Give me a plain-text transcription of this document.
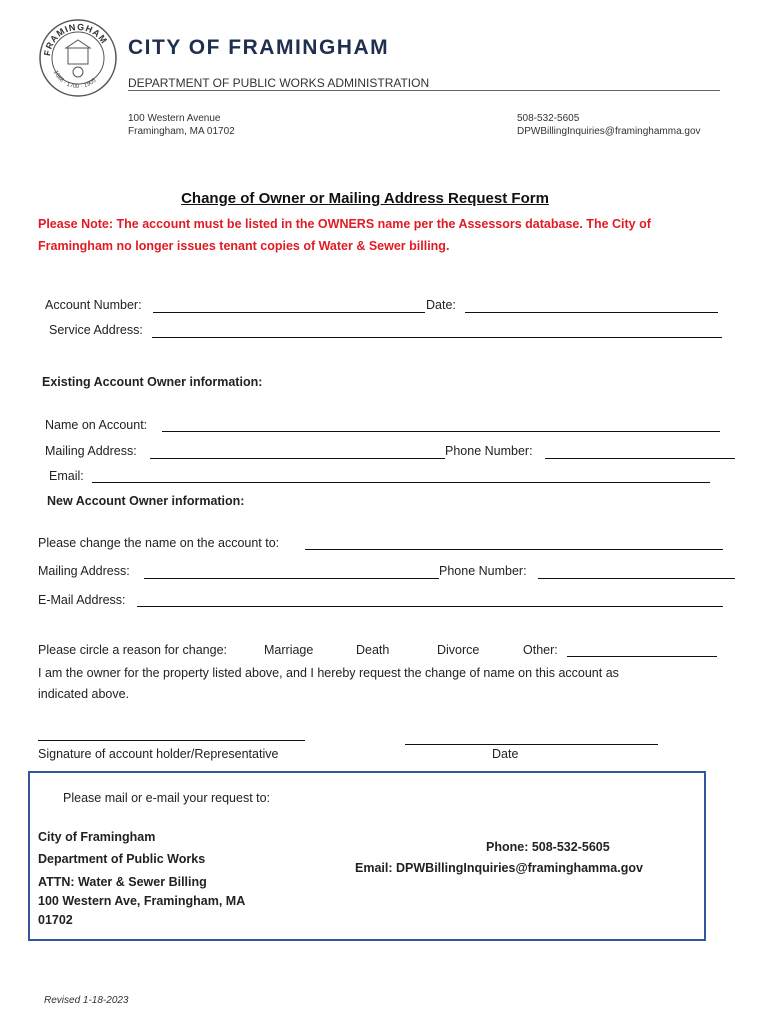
FRAMINGHAM
1688 · 1700 · 1905
CITY OF FRAMINGHAM
DEPARTMENT OF PUBLIC WORKS ADMINISTRATION
100 Western Avenue
Framingham, MA 01702
508-532-5605
DPWBillingInquiries@framinghamma.gov
Change of Owner or Mailing Address Request Form
Please Note: The account must be listed in the OWNERS name per the Assessors database. The City of
Framingham no longer issues tenant copies of Water & Sewer billing.
Account Number:	Date:
Service Address:
Existing Account Owner information:
Name on Account:
Mailing Address:	Phone Number:
Email:
New Account Owner information:
Please change the name on the account to:
Mailing Address:	Phone Number:
E-Mail Address:
Please circle a reason for change:	Marriage	Death	Divorce	Other:
I am the owner for the property listed above, and I hereby request the change of name on this account as
indicated above.
Signature of account holder/Representative	Date
Please mail or e-mail your request to:
City of Framingham
Department of Public Works
ATTN: Water & Sewer Billing
100 Western Ave, Framingham, MA
01702
Phone: 508-532-5605
Email: DPWBillingInquiries@framinghamma.gov
Revised 1-18-2023
